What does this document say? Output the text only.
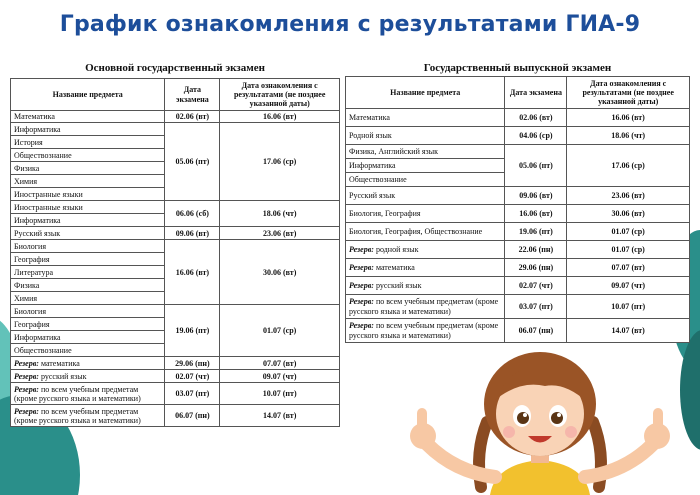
График ознакомления с результатами ГИА-9
Основной государственный экзамен	Государственный выпускной экзамен
Название предмета	Дата экзамена	Дата ознакомления с результатами (не позднее указанной даты)
Математика	02.06 (вт)	16.06 (вт)
Информатика	05.06 (пт)	17.06 (ср)
История		
Обществознание		
Физика		
Химия		
Иностранные языки		
Иностранные языки	06.06 (сб)	18.06 (чт)
Информатика		
Русский язык	09.06 (вт)	23.06 (вт)
Биология	16.06 (вт)	30.06 (вт)
География		
Литература		
Физика		
Химия		
Биология	19.06 (пт)	01.07 (ср)
География		
Информатика		
Обществознание		
Резерв: математика	29.06 (пн)	07.07 (вт)
Резерв: русский язык	02.07 (чт)	09.07 (чт)
Резерв: по всем учебным предметам (кроме русского языка и математики)	03.07 (пт)	10.07 (пт)
Резерв: по всем учебным предметам (кроме русского языка и математики)	06.07 (пн)	14.07 (вт)
Название предмета	Дата экзамена	Дата ознакомления с результатами (не позднее указанной даты)
Математика	02.06 (вт)	16.06 (вт)
Родной язык	04.06 (ср)	18.06 (чт)
Физика, Английский язык	05.06 (пт)	17.06 (ср)
Информатика		
Обществознание		
Русский язык	09.06 (вт)	23.06 (вт)
Биология, География	16.06 (вт)	30.06 (вт)
Биология, География, Обществознание	19.06 (пт)	01.07 (ср)
Резерв: родной язык	22.06 (пн)	01.07 (ср)
Резерв: математика	29.06 (пн)	07.07 (вт)
Резерв: русский язык	02.07 (чт)	09.07 (чт)
Резерв: по всем учебным предметам (кроме русского языка и математики)	03.07 (пт)	10.07 (пт)
Резерв: по всем учебным предметам (кроме русского языка и математики)	06.07 (пн)	14.07 (вт)
